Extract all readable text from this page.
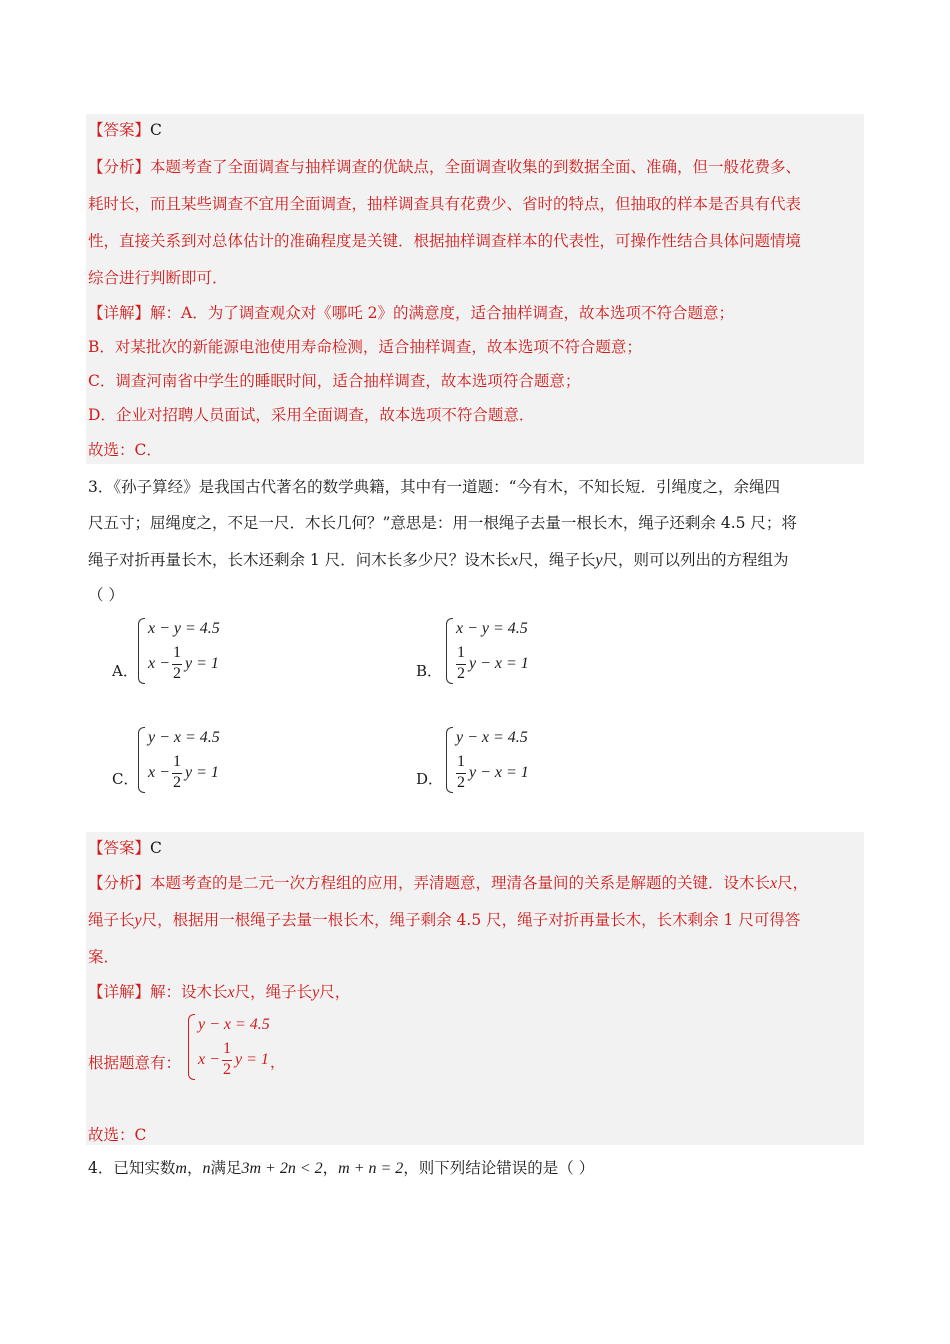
【答案】C
【分析】本题考查了全面调查与抽样调查的优缺点，全面调查收集的到数据全面、准确，但一般花费多、
耗时长，而且某些调查不宜用全面调查，抽样调查具有花费少、省时的特点，但抽取的样本是否具有代表
性，直接关系到对总体估计的准确程度是关键．根据抽样调查样本的代表性，可操作性结合具体问题情境
综合进行判断即可．
【详解】解：A．为了调查观众对《哪吒 2》的满意度，适合抽样调查，故本选项不符合题意；
B．对某批次的新能源电池使用寿命检测，适合抽样调查，故本选项不符合题意；
C．调查河南省中学生的睡眠时间，适合抽样调查，故本选项符合题意；
D．企业对招聘人员面试，采用全面调查，故本选项不符合题意．
故选：C．
3．《孙子算经》是我国古代著名的数学典籍，其中有一道题：“今有木，不知长短．引绳度之，余绳四
尺五寸；屈绳度之，不足一尺．木长几何？”意思是：用一根绳子去量一根长木，绳子还剩余 4.5 尺；将
绳子对折再量长木，长木还剩余 1 尺．问木长多少尺？设木长x尺，绳子长y尺，则可以列出的方程组为
（ ）
A．
x − y = 4.5
x −
1
2
y = 1	B．
x − y = 4.5
1
2
y − x = 1
C．
y − x = 4.5
x −
1
2
y = 1	D．
y − x = 4.5
1
2
y − x = 1
【答案】C
【分析】本题考查的是二元一次方程组的应用，弄清题意，理清各量间的关系是解题的关键．设木长x尺，
绳子长y尺，根据用一根绳子去量一根长木，绳子剩余 4.5 尺，绳子对折再量长木，长木剩余 1 尺可得答
案．
【详解】解：设木长x尺，绳子长y尺，
根据题意有：
y − x = 4.5
x −
1
2
y = 1 ，
故选：C
4．已知实数m，n满足3m + 2n < 2，m + n = 2，则下列结论错误的是（ ）
